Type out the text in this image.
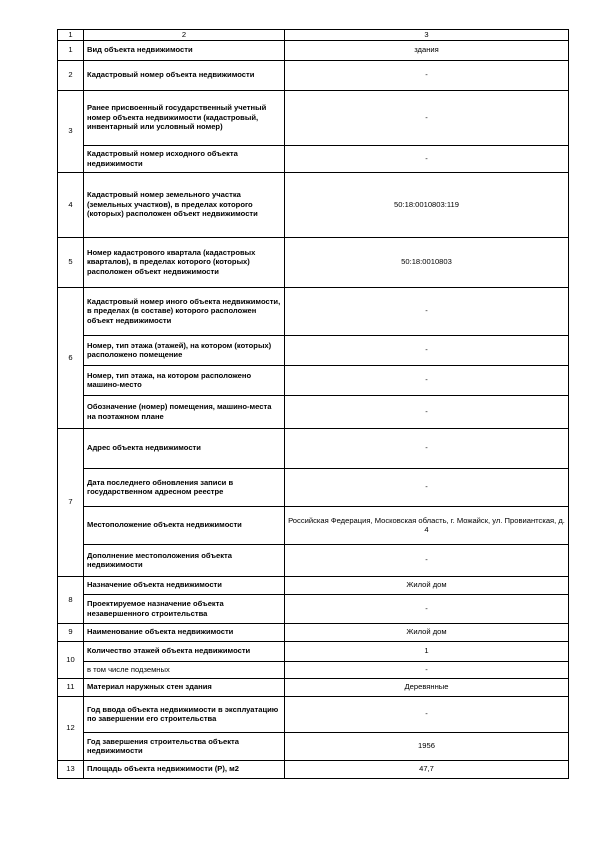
1	2	3
1	Вид объекта недвижимости	здания
2	Кадастровый номер объекта недвижимости	-
3	Ранее присвоенный государственный учетный номер объекта недвижимости (кадастровый, инвентарный или условный номер)	-
	Кадастровый номер исходного объекта недвижимости	-
4	Кадастровый номер земельного участка (земельных участков), в пределах которого (которых) расположен объект недвижимости	50:18:0010803:119
5	Номер кадастрового квартала (кадастровых кварталов), в пределах которого (которых) расположен объект недвижимости	50:18:0010803
6	Кадастровый номер иного объекта недвижимости, в пределах (в составе) которого расположен объект недвижимости	-
	Номер, тип этажа (этажей), на котором (которых) расположено помещение	-
	Номер, тип этажа, на котором расположено машино-место	-
	Обозначение (номер) помещения, машино-места на поэтажном плане	-
7	Адрес объекта недвижимости	-
	Дата последнего обновления записи в государственном адресном реестре	-
	Местоположение объекта недвижимости	Российская Федерация, Московская область, г. Можайск, ул. Провиантская, д. 4
	Дополнение местоположения объекта недвижимости	-
8	Назначение объекта недвижимости	Жилой дом
	Проектируемое назначение объекта незавершенного строительства	-
9	Наименование объекта недвижимости	Жилой дом
10	Количество этажей объекта недвижимости	1
	в том числе подземных	-
11	Материал наружных стен здания	Деревянные
12	Год ввода объекта недвижимости в эксплуатацию по завершении его строительства	-
	Год завершения строительства объекта недвижимости	1956
13	Площадь объекта недвижимости (P), м2	47,7
